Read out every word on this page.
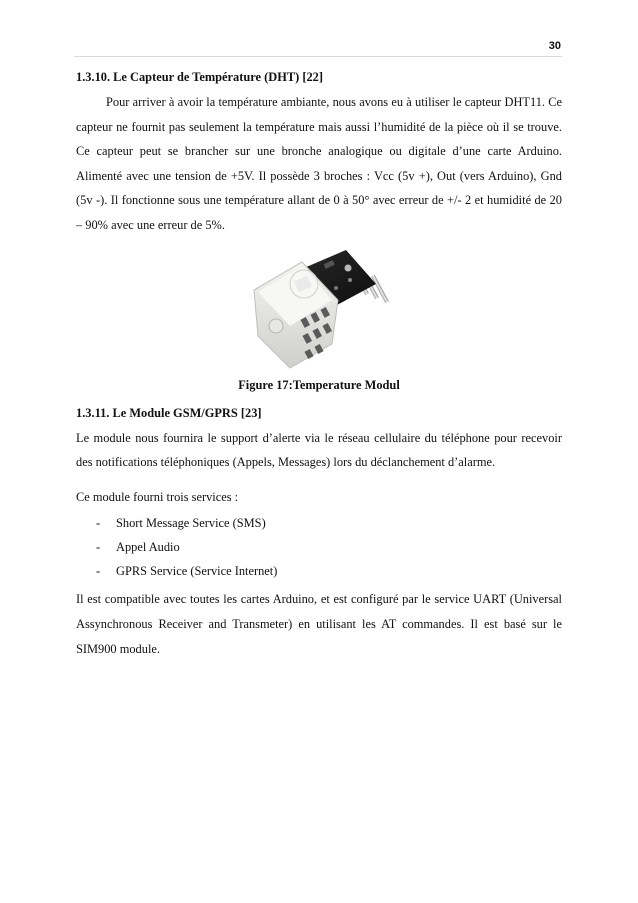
30

1.3.10. Le Capteur de Température (DHT) [22]

Pour arriver à avoir la température ambiante, nous avons eu à utiliser le capteur DHT11. Ce capteur ne fournit pas seulement la température mais aussi l’humidité de la pièce où il se trouve. Ce capteur peut se brancher sur une bronche analogique ou digitale d’une carte Arduino. Alimenté avec une tension de +5V. Il possède 3 broches : Vcc (5v +), Out (vers Arduino), Gnd (5v -). Il fonctionne sous une température allant de 0 à 50° avec erreur de +/- 2 et humidité de 20 – 90% avec une erreur de 5%.

Figure 17:Temperature Modul

1.3.11. Le Module GSM/GPRS [23]

Le module nous fournira le support d’alerte via le réseau cellulaire du téléphone pour recevoir des notifications téléphoniques (Appels, Messages) lors du déclanchement d’alarme.

Ce module fourni trois services :

- Short Message Service (SMS)
- Appel Audio
- GPRS Service (Service Internet)

Il est compatible avec toutes les cartes Arduino, et est configuré par le service UART (Universal Assynchronous Receiver and Transmeter) en utilisant les AT commandes. Il est basé sur le SIM900 module.
